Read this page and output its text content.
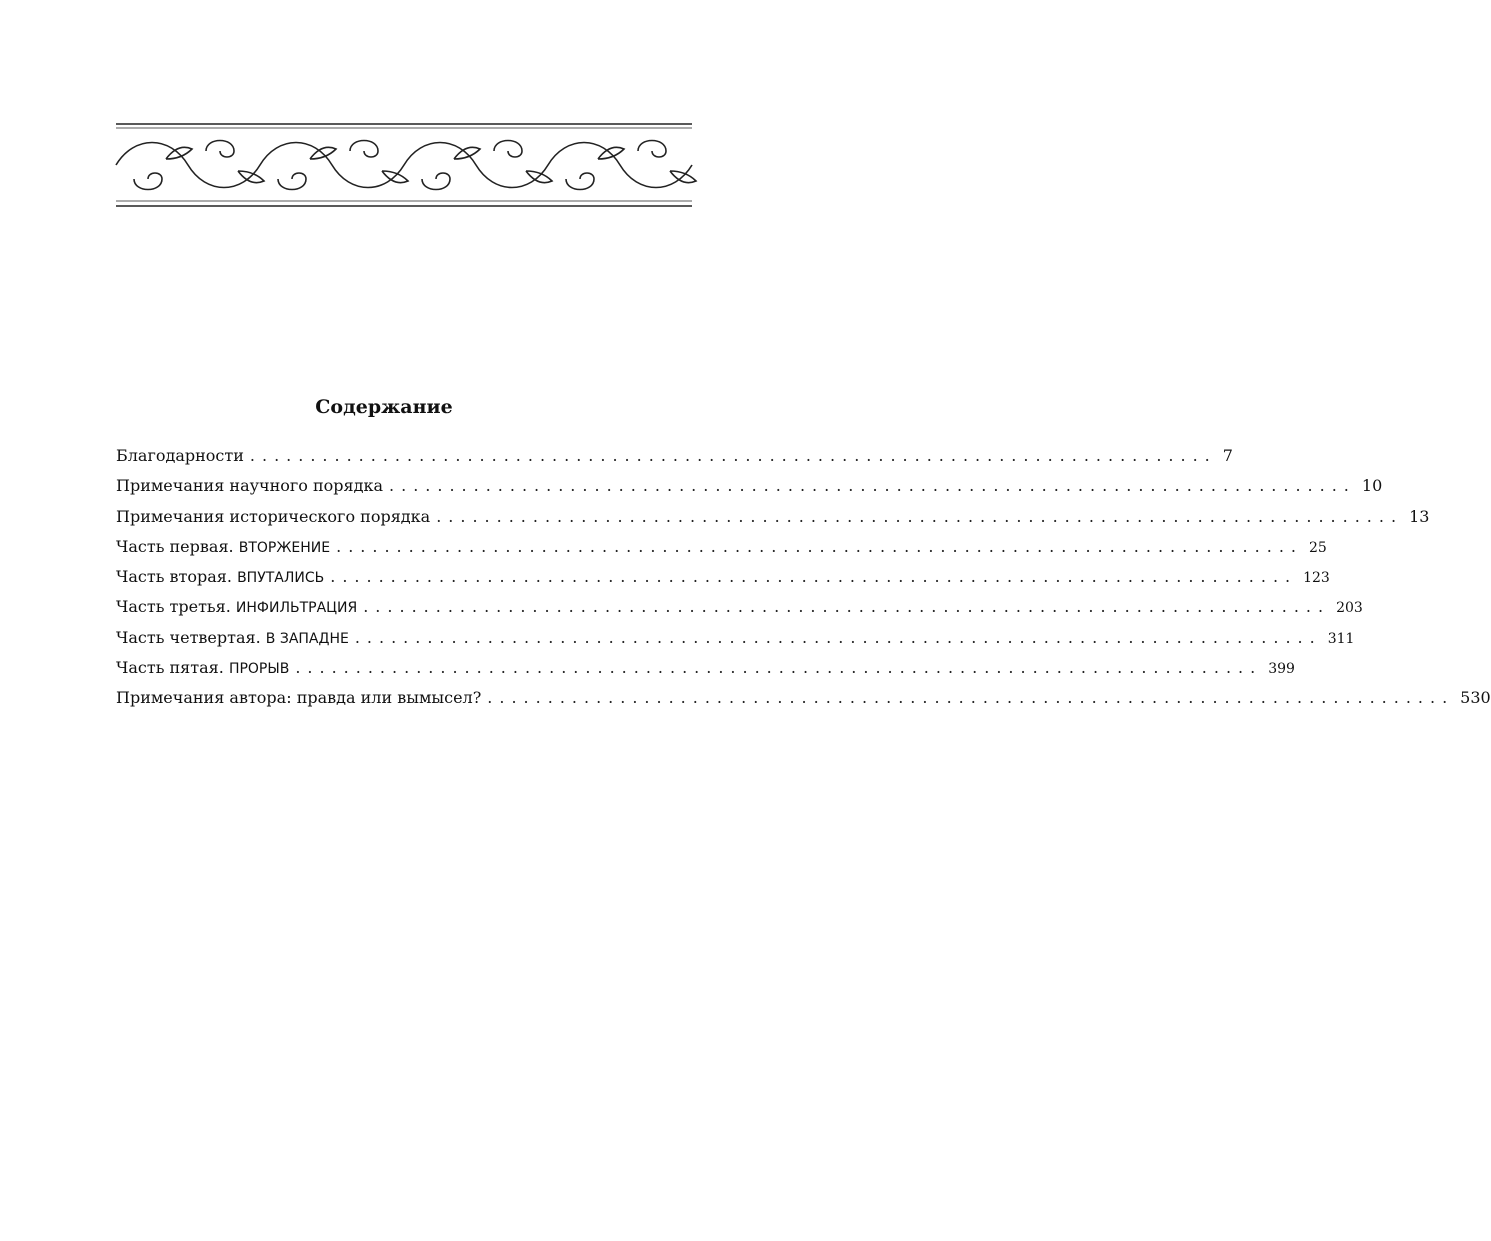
Содержание
Благодарности ................................................................................ 7
Примечания научного порядка ................................................................................ 10
Примечания исторического порядка ................................................................................ 13
Часть первая. ВТОРЖЕНИЕ ................................................................................ 25
Часть вторая. ВПУТАЛИСЬ ................................................................................ 123
Часть третья. ИНФИЛЬТРАЦИЯ ................................................................................ 203
Часть четвертая. В ЗАПАДНЕ ................................................................................ 311
Часть пятая. ПРОРЫВ ................................................................................ 399
Примечания автора: правда или вымысел? ................................................................................ 530
